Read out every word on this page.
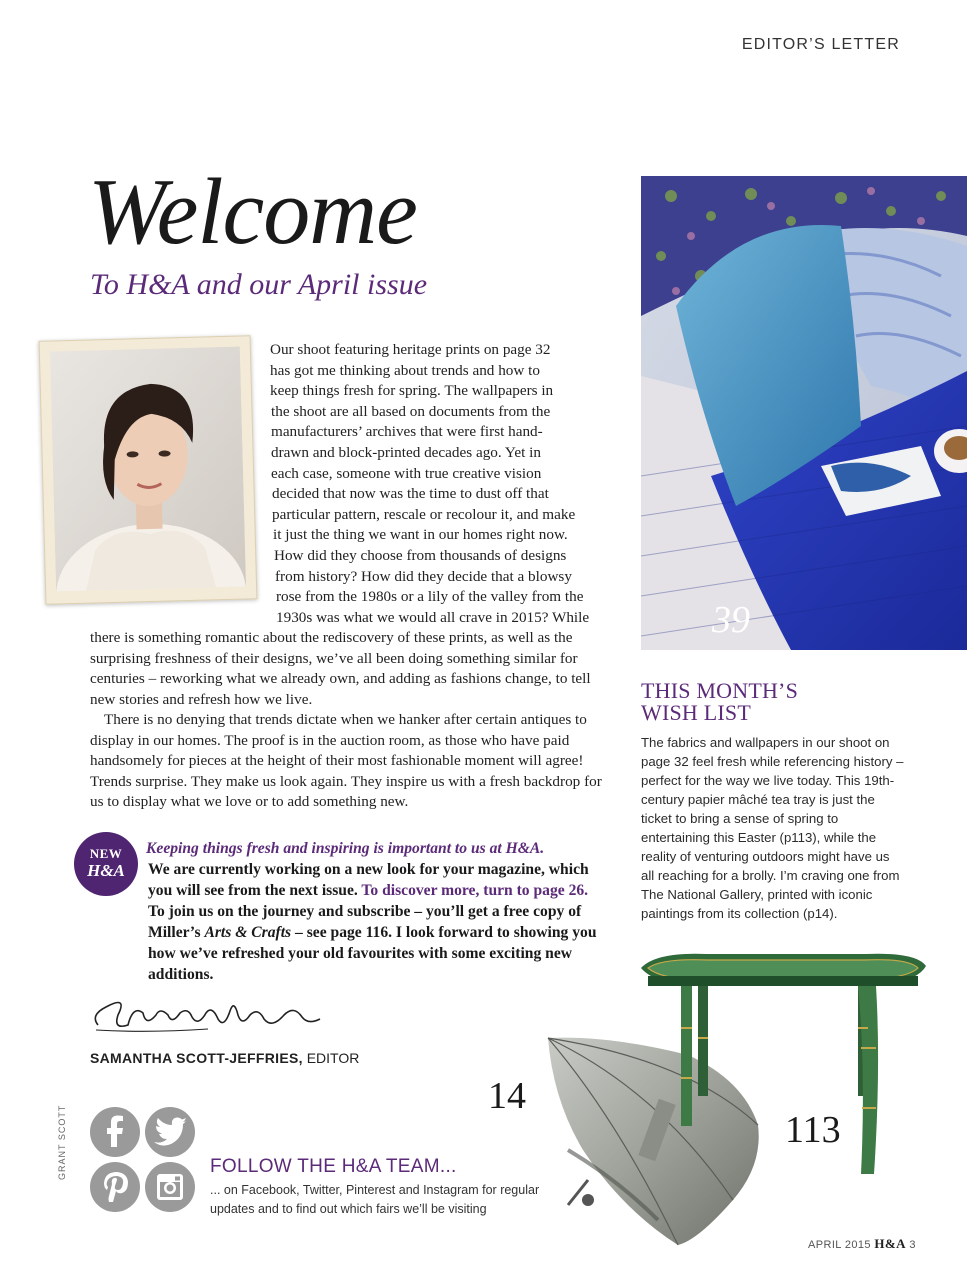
EDITOR’S LETTER
Welcome
To H&A and our April issue
Our shoot featuring heritage prints on page 32
has got me thinking about trends and how to
keep things fresh for spring. The wallpapers in
the shoot are all based on documents from the
manufacturers’ archives that were first hand-
drawn and block-printed decades ago. Yet in
each case, someone with true creative vision
decided that now was the time to dust off that
particular pattern, rescale or recolour it, and make
it just the thing we want in our homes right now.
How did they choose from thousands of designs
from history? How did they decide that a blowsy
rose from the 1980s or a lily of the valley from the
1930s was what we would all crave in 2015? While
there is something romantic about the rediscovery of these prints, as well as the surprising freshness of their designs, we’ve all been doing something similar for centuries – reworking what we already own, and adding as fashions change, to tell new stories and refresh how we live.
There is no denying that trends dictate when we hanker after certain antiques to display in our homes. The proof is in the auction room, as those who have paid handsomely for pieces at the height of their most fashionable moment will agree! Trends surprise. They make us look again. They inspire us with a fresh backdrop for us to display what we love or to add something new.
NEW
H&A
Keeping things fresh and inspiring is important to us at H&A.
We are currently working on a new look for your magazine, which you will see from the next issue. To discover more, turn to page 26. To join us on the journey and subscribe – you’ll get a free copy of Miller’s Arts & Crafts – see page 116. I look forward to showing you how we’ve refreshed your old favourites with some exciting new additions.
SAMANTHA SCOTT-JEFFRIES, EDITOR
GRANT SCOTT	FOLLOW THE H&A TEAM...
... on Facebook, Twitter, Pinterest and Instagram for regular updates and to find out which fairs we’ll be visiting
39
THIS MONTH’S
WISH LIST
The fabrics and wallpapers in our shoot on page 32 feel fresh while referencing history – perfect for the way we live today. This 19th-century papier mâché tea tray is just the ticket to bring a sense of spring to entertaining this Easter (p113), while the reality of venturing outdoors might have us all reaching for a brolly. I’m craving one from The National Gallery, printed with iconic paintings from its collection (p14).
14
113
APRIL 2015 H&A 3
